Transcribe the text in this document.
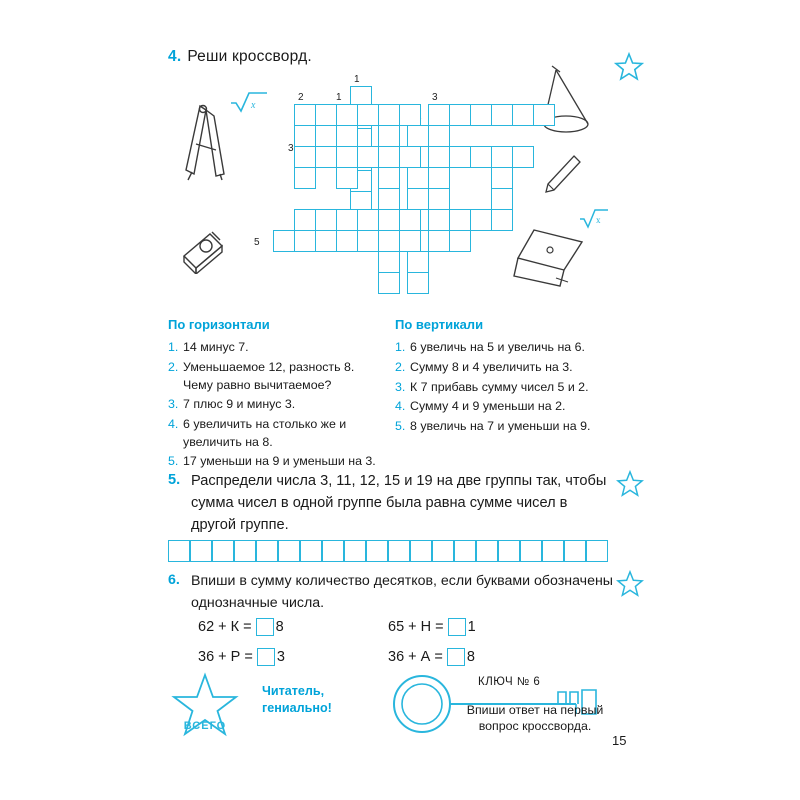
4. Реши кроссворд.
x
x
1
2	1	3
3
5
По горизонтали
1. 14 минус 7.
2. Уменьшаемое 12, разность 8. Чему равно вычитаемое?
3. 7 плюс 9 и минус 3.
4. 6 увеличить на столько же и увеличить на 8.
5. 17 уменьши на 9 и уменьши на 3.
По вертикали
1. 6 увеличь на 5 и увеличь на 6.
2. Сумму 8 и 4 увеличить на 3.
3. К 7 прибавь сумму чисел 5 и 2.
4. Сумму 4 и 9 уменьши на 2.
5. 8 увеличь на 7 и уменьши на 9.
5. Распредели числа 3, 11, 12, 15 и 19 на две группы так, чтобы сумма чисел в одной группе была равна сумме чисел в другой группе.
6. Впиши в сумму количество десятков, если буквами обозначены однозначные числа.
62 + К = 8	65 + Н = 1
36 + Р = 3	36 + А = 8
ВСЕГО
Читатель,
гениально!
КЛЮЧ № 6
Впиши ответ на первый
вопрос кроссворда.
15
